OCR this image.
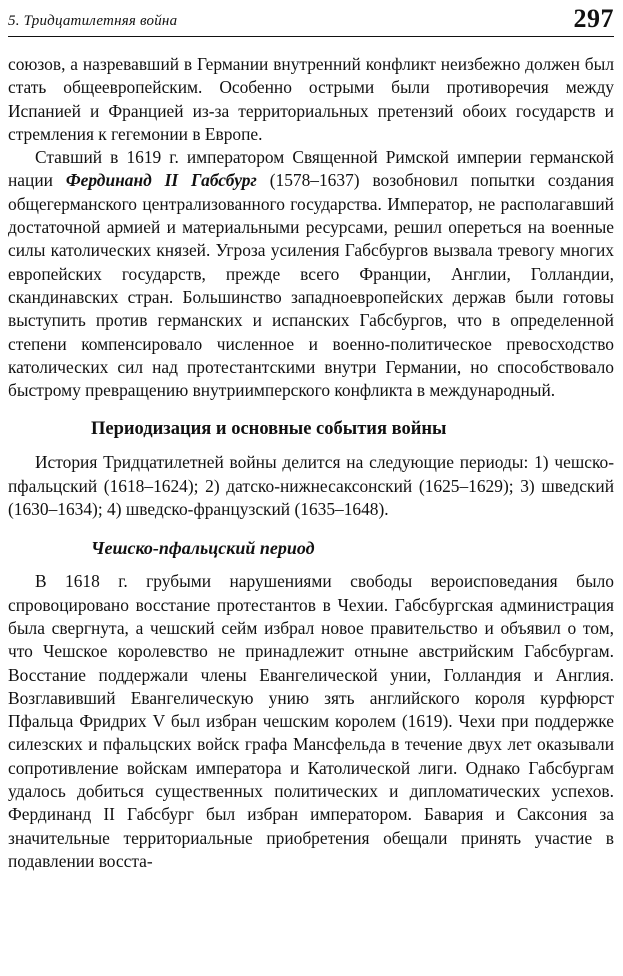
5. Тридцатилетняя война	297

союзов, а назревавший в Германии внутренний конфликт неизбежно должен был стать общеевропейским. Особенно острыми были противоречия между Испанией и Францией из-за территориальных претензий обоих государств и стремления к гегемонии в Европе.

Ставший в 1619 г. императором Священной Римской империи германской нации Фердинанд II Габсбург (1578–1637) возобновил попытки создания общегерманского централизованного государства. Император, не располагавший достаточной армией и материальными ресурсами, решил опереться на военные силы католических князей. Угроза усиления Габсбургов вызвала тревогу многих европейских государств, прежде всего Франции, Англии, Голландии, скандинавских стран. Большинство западноевропейских держав были готовы выступить против германских и испанских Габсбургов, что в определенной степени компенсировало численное и военно-политическое превосходство католических сил над протестантскими внутри Германии, но способствовало быстрому превращению внутриимперского конфликта в международный.

Периодизация и основные события войны

История Тридцатилетней войны делится на следующие периоды: 1) чешско-пфальцский (1618–1624); 2) датско-нижнесаксонский (1625–1629); 3) шведский (1630–1634); 4) шведско-французский (1635–1648).

Чешско-пфальцский период

В 1618 г. грубыми нарушениями свободы вероисповедания было спровоцировано восстание протестантов в Чехии. Габсбургская администрация была свергнута, а чешский сейм избрал новое правительство и объявил о том, что Чешское королевство не принадлежит отныне австрийским Габсбургам. Восстание поддержали члены Евангелической унии, Голландия и Англия. Возглавивший Евангелическую унию зять английского короля курфюрст Пфальца Фридрих V был избран чешским королем (1619). Чехи при поддержке силезских и пфальцских войск графа Мансфельда в течение двух лет оказывали сопротивление войскам императора и Католической лиги. Однако Габсбургам удалось добиться существенных политических и дипломатических успехов. Фердинанд II Габсбург был избран императором. Бавария и Саксония за значительные территориальные приобретения обещали принять участие в подавлении восста-
